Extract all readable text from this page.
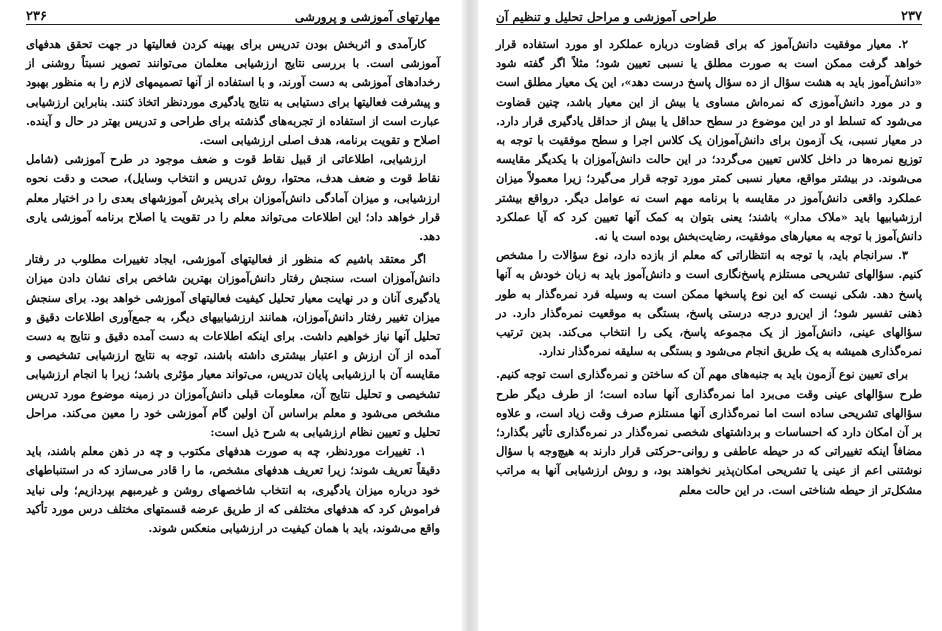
مهارتهای آموزشی و پرورشی
۲۳۶

کارآمدی و اثربخش بودن تدریس برای بهینه کردن فعالیتها در جهت تحقق هدفهای آموزشی است. با بررسی نتایج ارزشیابی معلمان می‌توانند تصویر نسبتاً روشنی از رخدادهای آموزشی به دست آورند، و با استفاده از آنها تصمیمهای لازم را به منظور بهبود و پیشرفت فعالیتها برای دستیابی به نتایج یادگیری موردنظر اتخاذ کنند. بنابراین ارزشیابی عبارت است از استفاده از تجربه‌های گذشته برای طراحی و تدریس بهتر در حال و آینده. اصلاح و تقویت برنامه، هدف اصلی ارزشیابی است.

ارزشیابی، اطلاعاتی از قبیل نقاط قوت و ضعف موجود در طرح آموزشی (شامل نقاط قوت و ضعف هدف، محتوا، روش تدریس و انتخاب وسایل)، صحت و دقت نحوه ارزشیابی، و میزان آمادگی دانش‌آموزان برای پذیرش آموزشهای بعدی را در اختیار معلم قرار خواهد داد؛ این اطلاعات می‌تواند معلم را در تقویت یا اصلاح برنامه آموزشی یاری دهد.

اگر معتقد باشیم که منظور از فعالیتهای آموزشی، ایجاد تغییرات مطلوب در رفتار دانش‌آموزان است، سنجش رفتار دانش‌آموزان بهترین شاخص برای نشان دادن میزان یادگیری آنان و در نهایت معیار تحلیل کیفیت فعالیتهای آموزشی خواهد بود. برای سنجش میزان تغییر رفتار دانش‌آموزان، همانند ارزشیابیهای دیگر، به جمع‌آوری اطلاعات دقیق و تحلیل آنها نیاز خواهیم داشت. برای اینکه اطلاعات به دست آمده دقیق و نتایج به دست آمده از آن ارزش و اعتبار بیشتری داشته باشند، توجه به نتایج ارزشیابی تشخیصی و مقایسه آن با ارزشیابی پایان تدریس، می‌تواند معیار مؤثری باشد؛ زیرا با انجام ارزشیابی تشخیصی و تحلیل نتایج آن، معلومات قبلی دانش‌آموزان در زمینه موضوع مورد تدریس مشخص می‌شود و معلم براساس آن اولین گام آموزشی خود را معین می‌کند. مراحل تحلیل و تعیین نظام ارزشیابی به شرح ذیل است:

۱. تغییرات موردنظر، چه به صورت هدفهای مکتوب و چه در ذهن معلم باشند، باید دقیقاً تعریف شوند؛ زیرا تعریف هدفهای مشخص، ما را قادر می‌سازد که در استنباطهای خود درباره میزان یادگیری، به انتخاب شاخصهای روشن و غیرمبهم بپردازیم؛ ولی نباید فراموش کرد که هدفهای مختلفی که از طریق عرضه قسمتهای مختلف درس مورد تأکید واقع می‌شوند، باید با همان کیفیت در ارزشیابی منعکس شوند.

۲۳۷
طراحی آموزشی و مراحل تحلیل و تنظیم آن

۲. معیار موفقیت دانش‌آموز که برای قضاوت درباره عملکرد او مورد استفاده قرار خواهد گرفت ممکن است به صورت مطلق یا نسبی تعیین شود؛ مثلاً اگر گفته شود «دانش‌آموز باید به هشت سؤال از ده سؤال پاسخ درست دهد»، این یک معیار مطلق است و در مورد دانش‌آموزی که نمره‌اش مساوی یا بیش از این معیار باشد، چنین قضاوت می‌شود که تسلط او در این موضوع در سطح حداقل یا بیش از حداقل یادگیری قرار دارد. در معیار نسبی، یک آزمون برای دانش‌آموزان یک کلاس اجرا و سطح موفقیت با توجه به توزیع نمره‌ها در داخل کلاس تعیین می‌گردد؛ در این حالت دانش‌آموزان با یکدیگر مقایسه می‌شوند. در بیشتر مواقع، معیار نسبی کمتر مورد توجه قرار می‌گیرد؛ زیرا معمولاً میزان عملکرد واقعی دانش‌آموز در مقایسه با برنامه مهم است نه عوامل دیگر. درواقع بیشتر ارزشیابیها باید «ملاک مدار» باشند؛ یعنی بتوان به کمک آنها تعیین کرد که آیا عملکرد دانش‌آموز با توجه به معیارهای موفقیت، رضایت‌بخش بوده است یا نه.

۳. سرانجام باید، با توجه به انتظاراتی که معلم از بازده دارد، نوع سؤالات را مشخص کنیم. سؤالهای تشریحی مستلزم پاسخ‌نگاری است و دانش‌آموز باید به زبان خودش به آنها پاسخ دهد. شکی نیست که این نوع پاسخها ممکن است به وسیله فرد نمره‌گذار به طور ذهنی تفسیر شود؛ از این‌رو درجه درستی پاسخ، بستگی به موقعیت نمره‌گذار دارد. در سؤالهای عینی، دانش‌آموز از یک مجموعه پاسخ، یکی را انتخاب می‌کند. بدین ترتیب نمره‌گذاری همیشه به یک طریق انجام می‌شود و بستگی به سلیقه نمره‌گذار ندارد.

برای تعیین نوع آزمون باید به جنبه‌های مهم آن که ساختن و نمره‌گذاری است توجه کنیم. طرح سؤالهای عینی وقت می‌برد اما نمره‌گذاری آنها ساده است؛ از طرف دیگر طرح سؤالهای تشریحی ساده است اما نمره‌گذاری آنها مستلزم صرف وقت زیاد است، و علاوه بر آن امکان دارد که احساسات و برداشتهای شخصی نمره‌گذار در نمره‌گذاری تأثیر بگذارد؛ مضافاً اینکه تغییراتی که در حیطه عاطفی و روانی-حرکتی قرار دارند به هیچ‌وجه با سؤال نوشتنی اعم از عینی یا تشریحی امکان‌پذیر نخواهند بود، و روش ارزشیابی آنها به مراتب مشکل‌تر از حیطه شناختی است. در این حالت معلم
